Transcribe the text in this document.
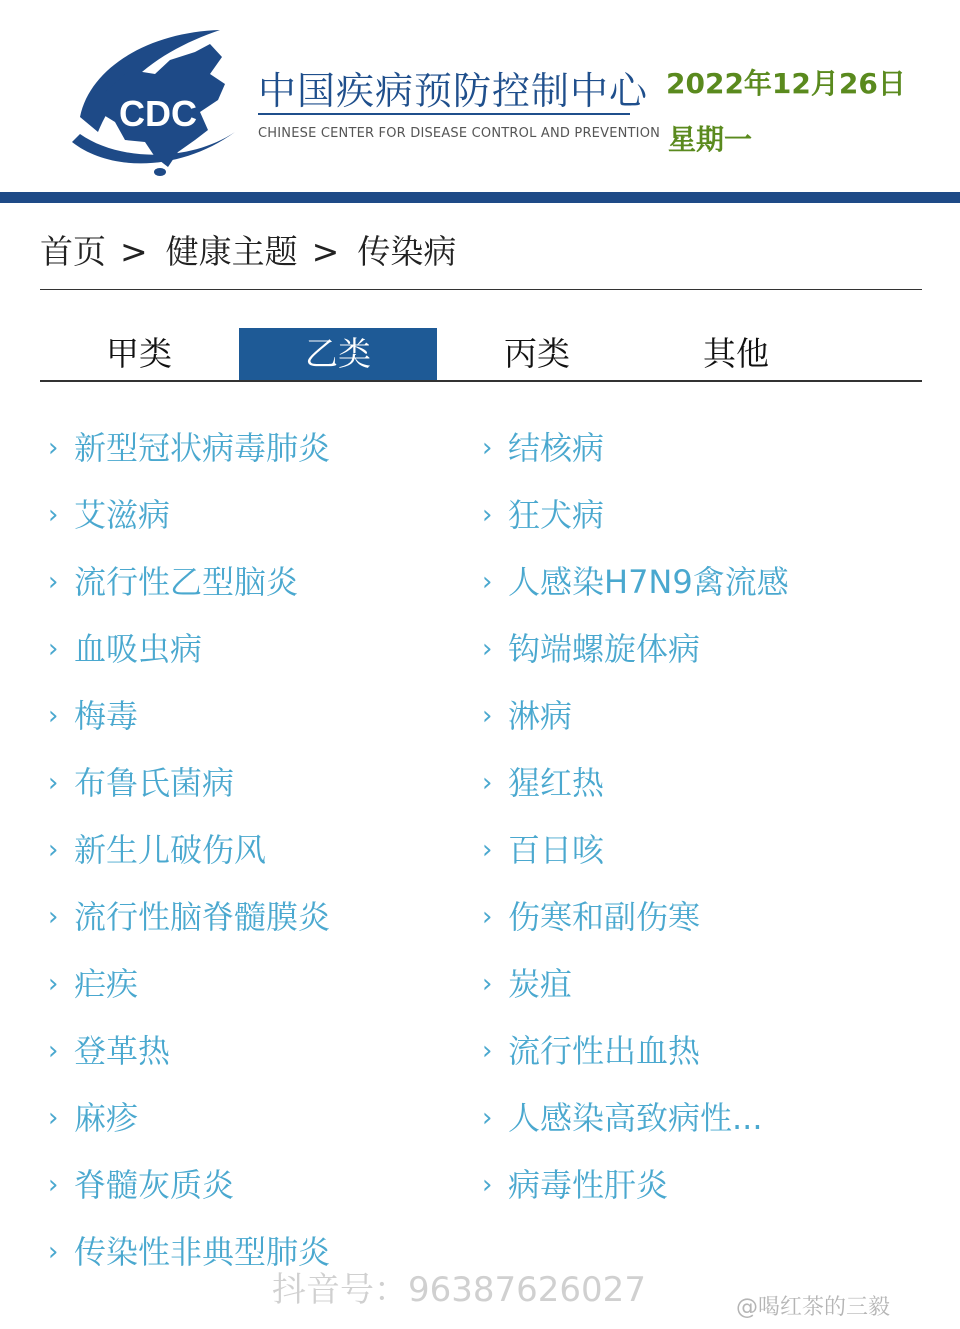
CDC
中国疾病预防控制中心
CHINESE CENTER FOR DISEASE CONTROL AND PREVENTION
2022年12月26日
星期一
首页 > 健康主题 > 传染病
甲类	乙类	丙类	其他
› 新型冠状病毒肺炎
› 艾滋病
› 流行性乙型脑炎
› 血吸虫病
› 梅毒
› 布鲁氏菌病
› 新生儿破伤风
› 流行性脑脊髓膜炎
› 疟疾
› 登革热
› 麻疹
› 脊髓灰质炎
› 传染性非典型肺炎
› 结核病
› 狂犬病
› 人感染H7N9禽流感
› 钩端螺旋体病
› 淋病
› 猩红热
› 百日咳
› 伤寒和副伤寒
› 炭疽
› 流行性出血热
› 人感染高致病性...
› 病毒性肝炎
抖音号：96387626027	@喝红茶的三毅
